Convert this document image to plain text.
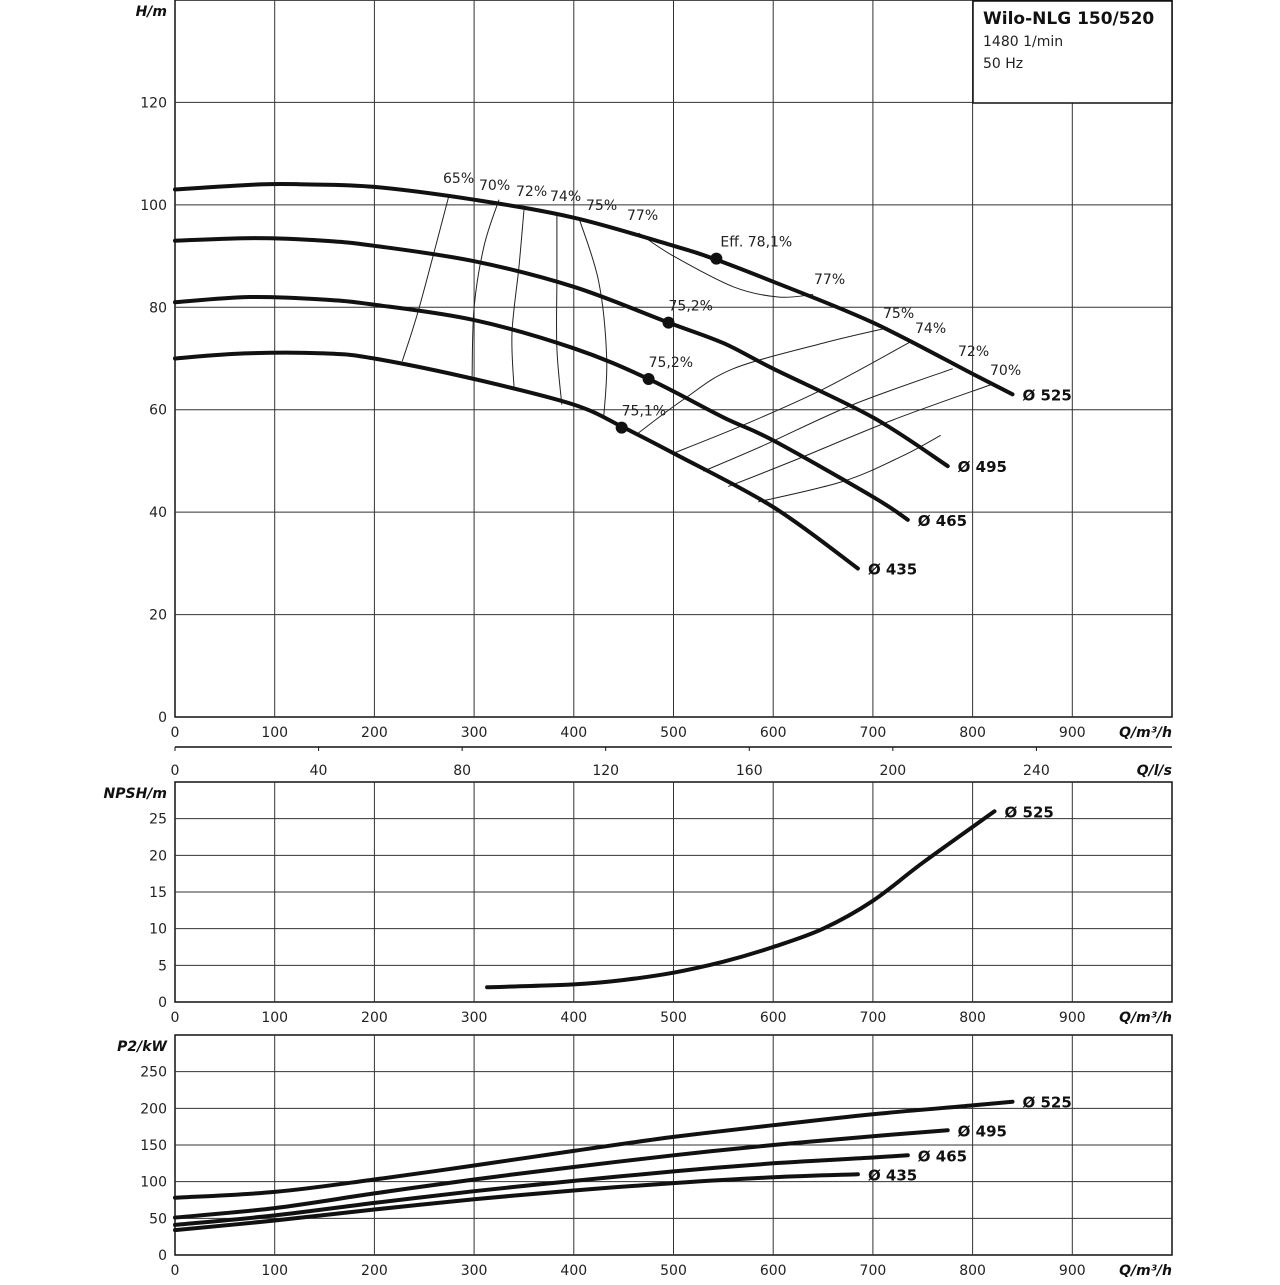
0	100	200	300	400	500	600	700	800	900
0
20
40
60
80
100
120
H/m
Q/m³/h
0	40	80	120	160	200	240	Q/l/s
Ø 525
Ø 495
Ø 465
Ø 435
Eff. 78,1%
75,2%
75,2%
75,1%
65% 70% 72% 74%
75%
77%
77%
75%
74%
72%
70%
0	100	200	300	400	500	600	700	800	900
0
5
10
15
20
25
NPSH/m
Q/m³/h
Ø 525
0	100	200	300	400	500	600	700	800	900
0
50
100
150
200
250
P2/kW
Q/m³/h
Ø 525
Ø 495
Ø 465
Ø 435
Wilo-NLG 150/520
1480 1/min
50 Hz
